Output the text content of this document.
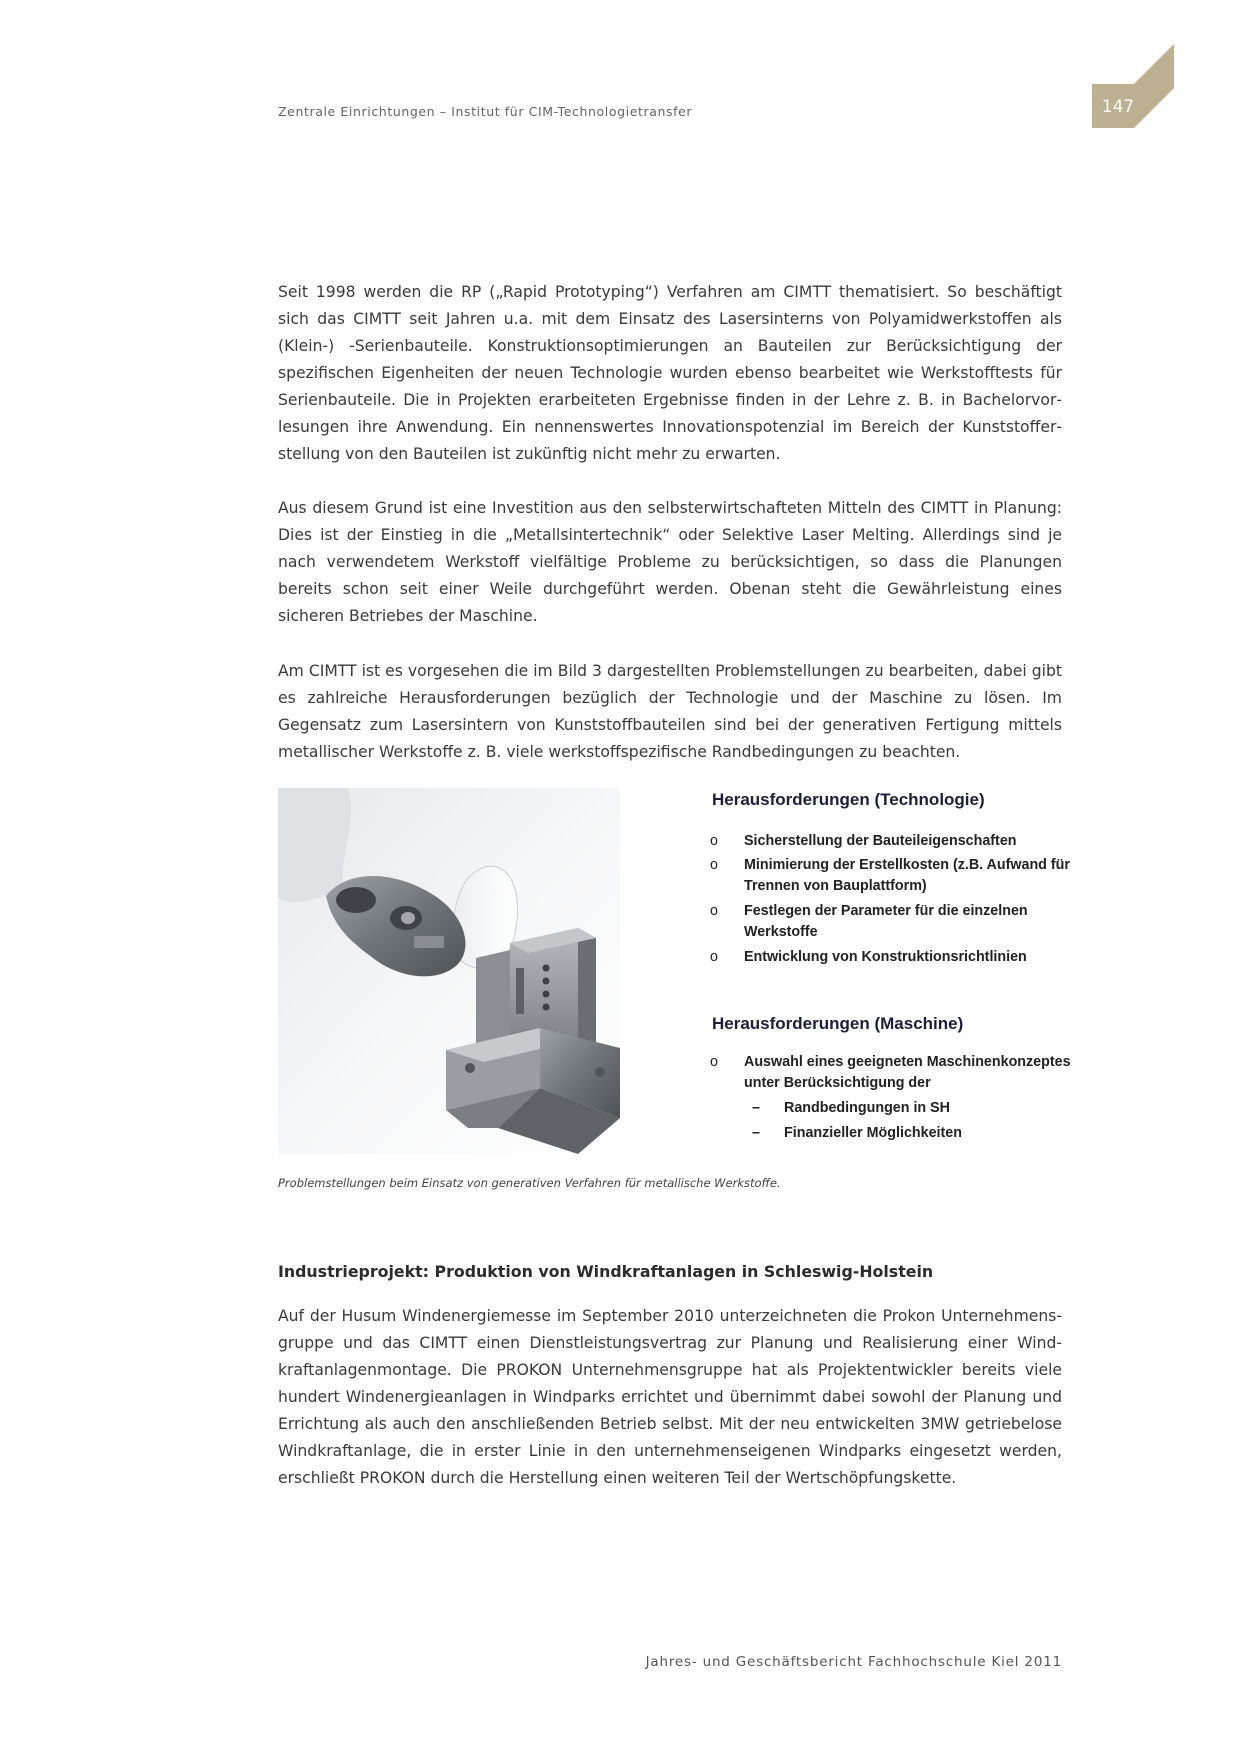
Zentrale Einrichtungen – Institut für CIM-Technologietransfer	147

Seit 1998 werden die RP („Rapid Prototyping“) Verfahren am CIMTT thematisiert. So beschäftigt sich das CIMTT seit Jahren u.a. mit dem Einsatz des Lasersinterns von Polyamidwerkstoffen als (Klein-) -Serienbauteile. Konstruktionsoptimierungen an Bauteilen zur Berücksichtigung der spezifischen Eigenheiten der neuen Technologie wurden ebenso bearbeitet wie Werkstofftests für Serienbauteile. Die in Projekten erarbeiteten Ergebnisse finden in der Lehre z. B. in Bachelorvorlesungen ihre Anwendung. Ein nennenswertes Innovationspotenzial im Bereich der Kunststofferstellung von den Bauteilen ist zukünftig nicht mehr zu erwarten.

Aus diesem Grund ist eine Investition aus den selbsterwirtschafteten Mitteln des CIMTT in Planung: Dies ist der Einstieg in die „Metallsintertechnik“ oder Selektive Laser Melting. Allerdings sind je nach verwendetem Werkstoff vielfältige Probleme zu berücksichtigen, so dass die Planungen bereits schon seit einer Weile durchgeführt werden. Obenan steht die Gewährleistung eines sicheren Betriebes der Maschine.

Am CIMTT ist es vorgesehen die im Bild 3 dargestellten Problemstellungen zu bearbeiten, dabei gibt es zahlreiche Herausforderungen bezüglich der Technologie und der Maschine zu lösen. Im Gegensatz zum Lasersintern von Kunststoffbauteilen sind bei der generativen Fertigung mittels metallischer Werkstoffe z. B. viele werkstoffspezifische Randbedingungen zu beachten.

Herausforderungen (Technologie)
o	Sicherstellung der Bauteileigenschaften
o	Minimierung der Erstellkosten (z.B. Aufwand für Trennen von Bauplattform)
o	Festlegen der Parameter für die einzelnen Werkstoffe
o	Entwicklung von Konstruktionsrichtlinien
Herausforderungen (Maschine)
o	Auswahl eines geeigneten Maschinenkonzeptes unter Berücksichtigung der
–	Randbedingungen in SH
–	Finanzieller Möglichkeiten
Problemstellungen beim Einsatz von generativen Verfahren für metallische Werkstoffe.
Industrieprojekt: Produktion von Windkraftanlagen in Schleswig-Holstein

Auf der Husum Windenergiemesse im September 2010 unterzeichneten die Prokon Unternehmensgruppe und das CIMTT einen Dienstleistungsvertrag zur Planung und Realisierung einer Windkraftanlagenmontage. Die PROKON Unternehmensgruppe hat als Projektentwickler bereits viele hundert Windenergieanlagen in Windparks errichtet und übernimmt dabei sowohl der Planung und Errichtung als auch den anschließenden Betrieb selbst. Mit der neu entwickelten 3MW getriebelose Windkraftanlage, die in erster Linie in den unternehmenseigenen Windparks eingesetzt werden, erschließt PROKON durch die Herstellung einen weiteren Teil der Wertschöpfungskette.

Jahres- und Geschäftsbericht Fachhochschule Kiel 2011
